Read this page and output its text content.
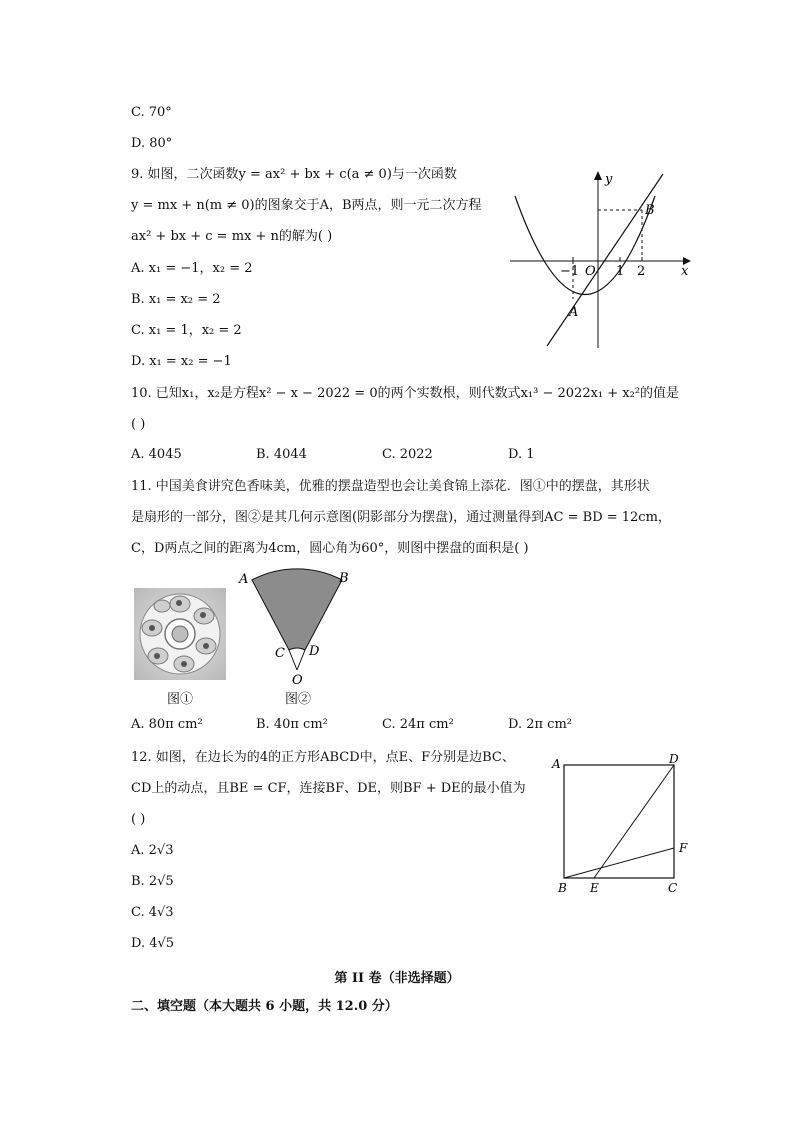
C. 70°
D. 80°
9. 如图，二次函数y = ax² + bx + c(a ≠ 0)与一次函数
y = mx + n(m ≠ 0)的图象交于A，B两点，则一元二次方程
ax² + bx + c = mx + n的解为( )
A. x₁ = −1，x₂ = 2
B. x₁ = x₂ = 2
C. x₁ = 1，x₂ = 2
D. x₁ = x₂ = −1
y
x
O
−1	1 2
A
B
10. 已知x₁，x₂是方程x² − x − 2022 = 0的两个实数根，则代数式x₁³ − 2022x₁ + x₂²的值是
( )
A. 4045	B. 4044	C. 2022	D. 1
11. 中国美食讲究色香味美，优雅的摆盘造型也会让美食锦上添花．图①中的摆盘，其形状
是扇形的一部分，图②是其几何示意图(阴影部分为摆盘)，通过测量得到AC = BD = 12cm，
C，D两点之间的距离为4cm，圆心角为60°，则图中摆盘的面积是( )
图①
A	B
C D
O
图②
A. 80π cm²	B. 40π cm²	C. 24π cm²	D. 2π cm²
12. 如图，在边长为的4的正方形ABCD中，点E、F分别是边BC、
CD上的动点，且BE = CF，连接BF、DE，则BF + DE的最小值为
( )
A. 2√3
B. 2√5
C. 4√3
D. 4√5
A	D
F
B E	C
第 II 卷（非选择题）
二、填空题（本大题共 6 小题，共 12.0 分）
